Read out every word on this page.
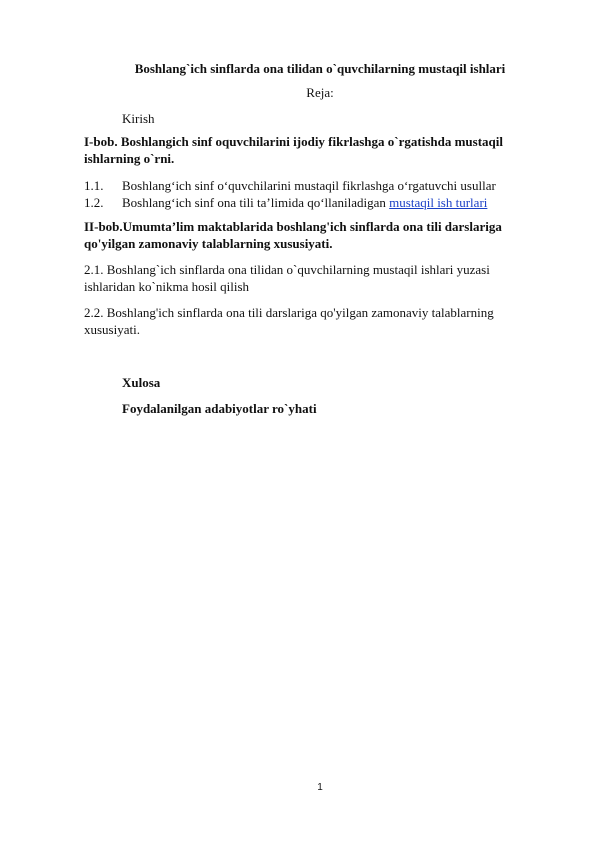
Boshlang`ich sinflarda ona tilidan o`quvchilarning mustaqil ishlari
Reja:
Kirish
I-bob. Boshlangich sinf oquvchilarini ijodiy fikrlashga o`rgatishda mustaqil ishlarning o`rni.
1.1. Boshlang‘ich sinf o‘quvchilarini mustaqil fikrlashga o‘rgatuvchi usullar
1.2. Boshlang‘ich sinf ona tili ta’limida qo‘llaniladigan mustaqil ish turlari
II-bob.Umumta’lim maktablarida boshlang'ich sinflarda ona tili darslariga qo'yilgan zamonaviy talablarning xususiyati.
2.1. Boshlang`ich sinflarda ona tilidan o`quvchilarning mustaqil ishlari yuzasi ishlaridan ko`nikma hosil qilish
2.2. Boshlang'ich sinflarda ona tili darslariga qo'yilgan zamonaviy talablarning xususiyati.
Xulosa
Foydalanilgan adabiyotlar ro`yhati
1
